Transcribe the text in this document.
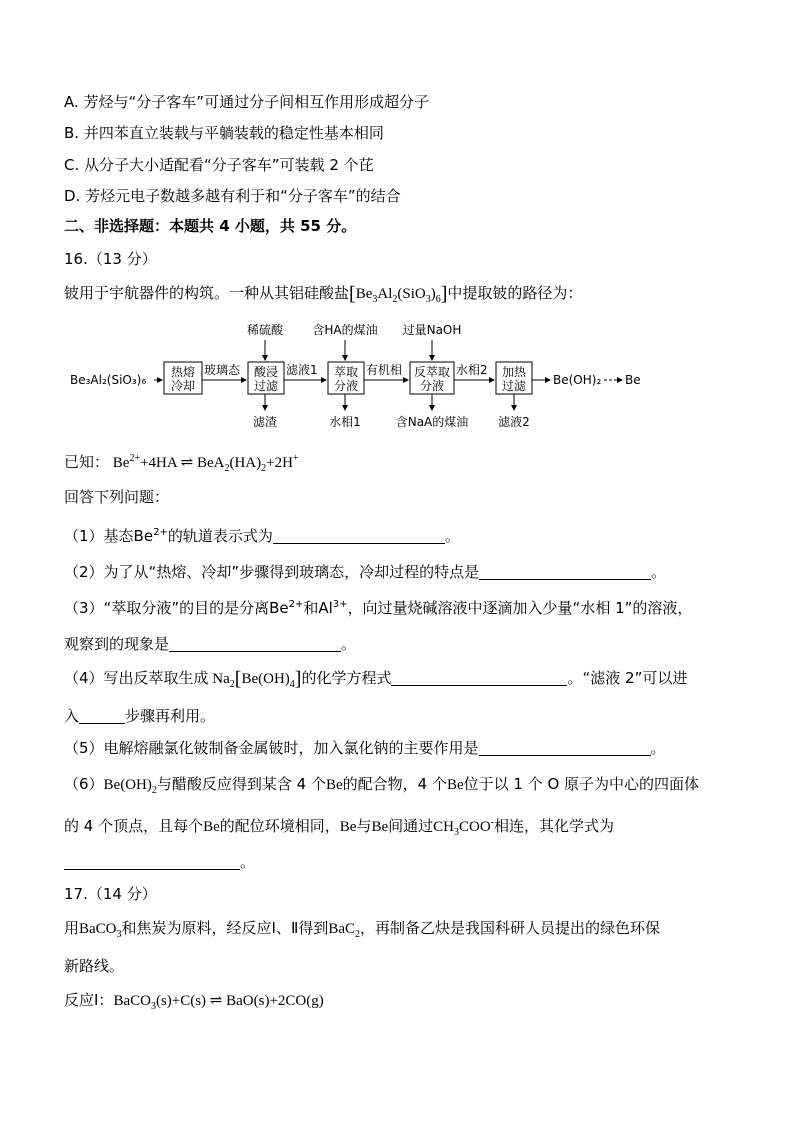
A. 芳烃与“分子客车”可通过分子间相互作用形成超分子
B. 并四苯直立装载与平躺装载的稳定性基本相同
C. 从分子大小适配看“分子客车”可装载 2 个芘
D. 芳烃元电子数越多越有利于和“分子客车”的结合
二、非选择题：本题共 4 小题，共 55 分。
16.（13 分）
铍用于宇航器件的构筑。一种从其铝硅酸盐$[Be_3Al_2(SiO_3)_6]$中提取铍的路径为：
Be₃Al₂(SiO₃)₆
热熔
冷却
玻璃态
稀硫酸
酸浸
过滤
滤渣
滤液1
含HA的煤油
萃取
分液
水相1
有机相
过量NaOH
反萃取
分液
含NaA的煤油
水相2 加热
过滤
滤液2
Be(OH)₂ Be
已知： $Be^{2+}+4HA$ ⇌ $BeA_2(HA)_2+2H^+$
回答下列问题：
（1）基态$Be^{2+}$的轨道表示式为	。
（2）为了从“热熔、冷却”步骤得到玻璃态，冷却过程的特点是	。
（3）“萃取分液”的目的是分离$Be^{2+}$和$Al^{3+}$，向过量烧碱溶液中逐滴加入少量“水相 1”的溶液，
观察到的现象是	。
（4）写出反萃取生成 $Na_2[Be(OH)_4]$的化学方程式	。“滤液 2”可以进
入	步骤再利用。
（5）电解熔融氯化铍制备金属铍时，加入氯化钠的主要作用是	。
$(6)Be(OH)_2$与醋酸反应得到某含 4 个Be的配合物，4 个Be位于以 1 个 O 原子为中心的四面体
的 4 个顶点，且每个Be的配位环境相同，Be与Be间通过$CH_3COO^-$相连，其化学式为
。
17.（14 分）
用BaCO$_3$和焦炭为原料，经反应Ⅰ、Ⅱ得到BaC$_2$，再制备乙炔是我国科研人员提出的绿色环保
新路线。
反应Ⅰ：BaCO$_3$(s)+C(s) ⇌ BaO(s)+2CO(g)
